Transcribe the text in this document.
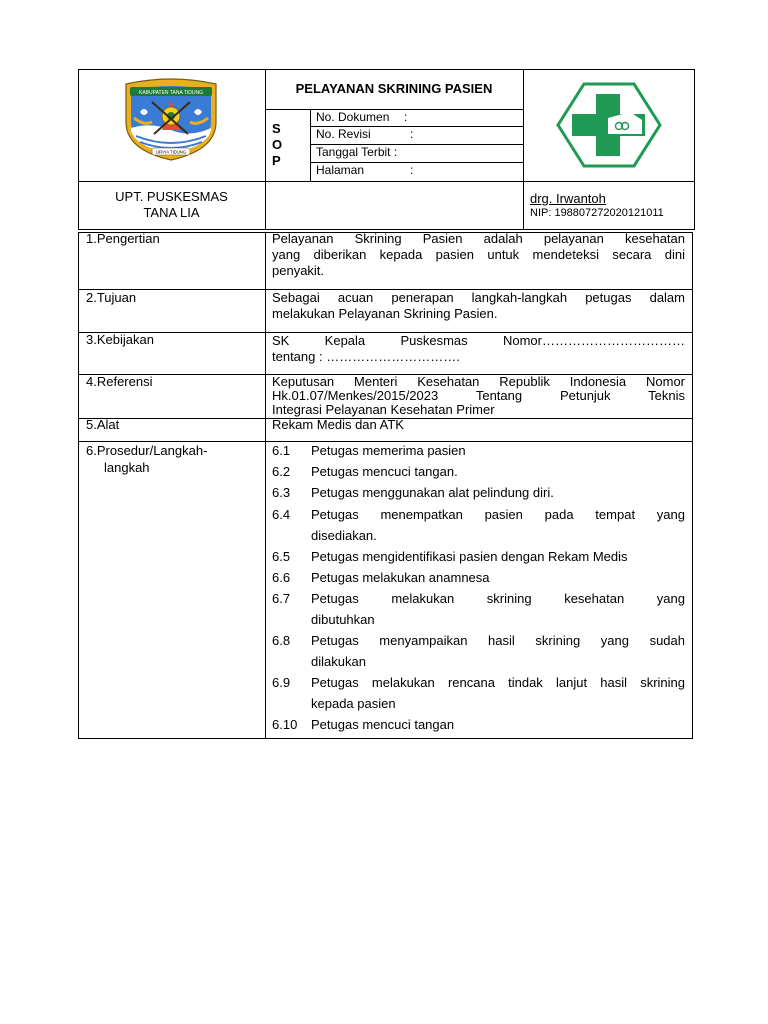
KABUPATEN TANA TIDUNG
UPAYA TIDUNG
PELAYANAN SKRINING PASIEN
S
O
P
No. Dokumen :
No. Revisi	:
Tanggal Terbit :
Halaman	:
UPT. PUSKESMAS
TANA LIA
drg. Irwantoh
NIP: 198807272020121011
1.Pengertian	Pelayanan Skrining Pasien adalah pelayanan kesehatan
yang diberikan kepada pasien untuk mendeteksi secara dini
penyakit.
2.Tujuan	Sebagai acuan penerapan langkah-langkah petugas dalam
melakukan Pelayanan Skrining Pasien.
3.Kebijakan	SK Kepala Puskesmas Nomor……………………………
tentang : ………………………….
4.Referensi	Keputusan Menteri Kesehatan Republik Indonesia Nomor
Hk.01.07/Menkes/2015/2023 Tentang Petunjuk Teknis
Integrasi Pelayanan Kesehatan Primer
5.Alat	Rekam Medis dan ATK
6.Prosedur/Langkah-
langkah
6.1 Petugas memerima pasien
6.2 Petugas mencuci tangan.
6.3 Petugas menggunakan alat pelindung diri.
6.4 Petugas menempatkan pasien pada tempat yang
disediakan.
6.5 Petugas mengidentifikasi pasien dengan Rekam Medis
6.6 Petugas melakukan anamnesa
6.7 Petugas melakukan skrining kesehatan yang
dibutuhkan
6.8 Petugas menyampaikan hasil skrining yang sudah
dilakukan
6.9 Petugas melakukan rencana tindak lanjut hasil skrining
kepada pasien
6.10 Petugas mencuci tangan
